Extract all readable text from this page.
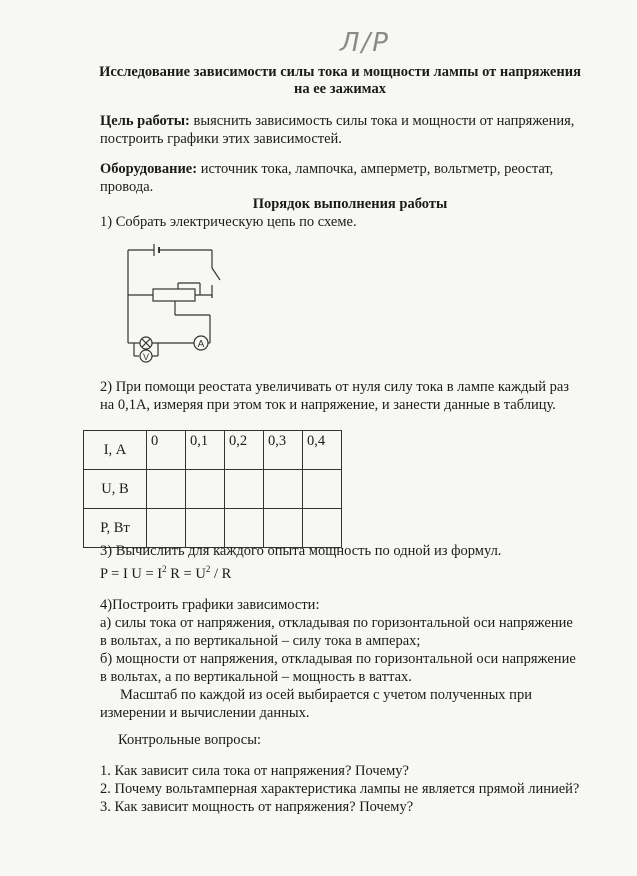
Л/Р
Исследование зависимости силы тока и мощности лампы от напряжения
на ее зажимах
Цель работы: выяснить зависимость силы тока и мощности от напряжения,
построить графики этих зависимостей.
Оборудование: источник тока, лампочка, амперметр, вольтметр, реостат,
провода.
Порядок выполнения работы
1) Собрать электрическую цепь по схеме.
A
V
2) При помощи реостата увеличивать от нуля силу тока в лампе каждый раз
на 0,1А, измеряя при этом ток и напряжение, и занести данные в таблицу.
I, А	0	0,1	0,2	0,3	0,4
U, В					
Р, Вт					
3) Вычислить для каждого опыта мощность по одной из формул.
P = I $U = I^2$ $R = U^2 / R$
4)Построить графики зависимости:
а) силы тока от напряжения, откладывая по горизонтальной оси напряжение
в вольтах, а по вертикальной – силу тока в амперах;
б) мощности от напряжения, откладывая по горизонтальной оси напряжение
в вольтах, а по вертикальной – мощность в ваттах.
Масштаб по каждой из осей выбирается с учетом полученных при
измерении и вычислении данных.
Контрольные вопросы:
1. Как зависит сила тока от напряжения? Почему?
2. Почему вольтамперная характеристика лампы не является прямой линией?
3. Как зависит мощность от напряжения? Почему?
